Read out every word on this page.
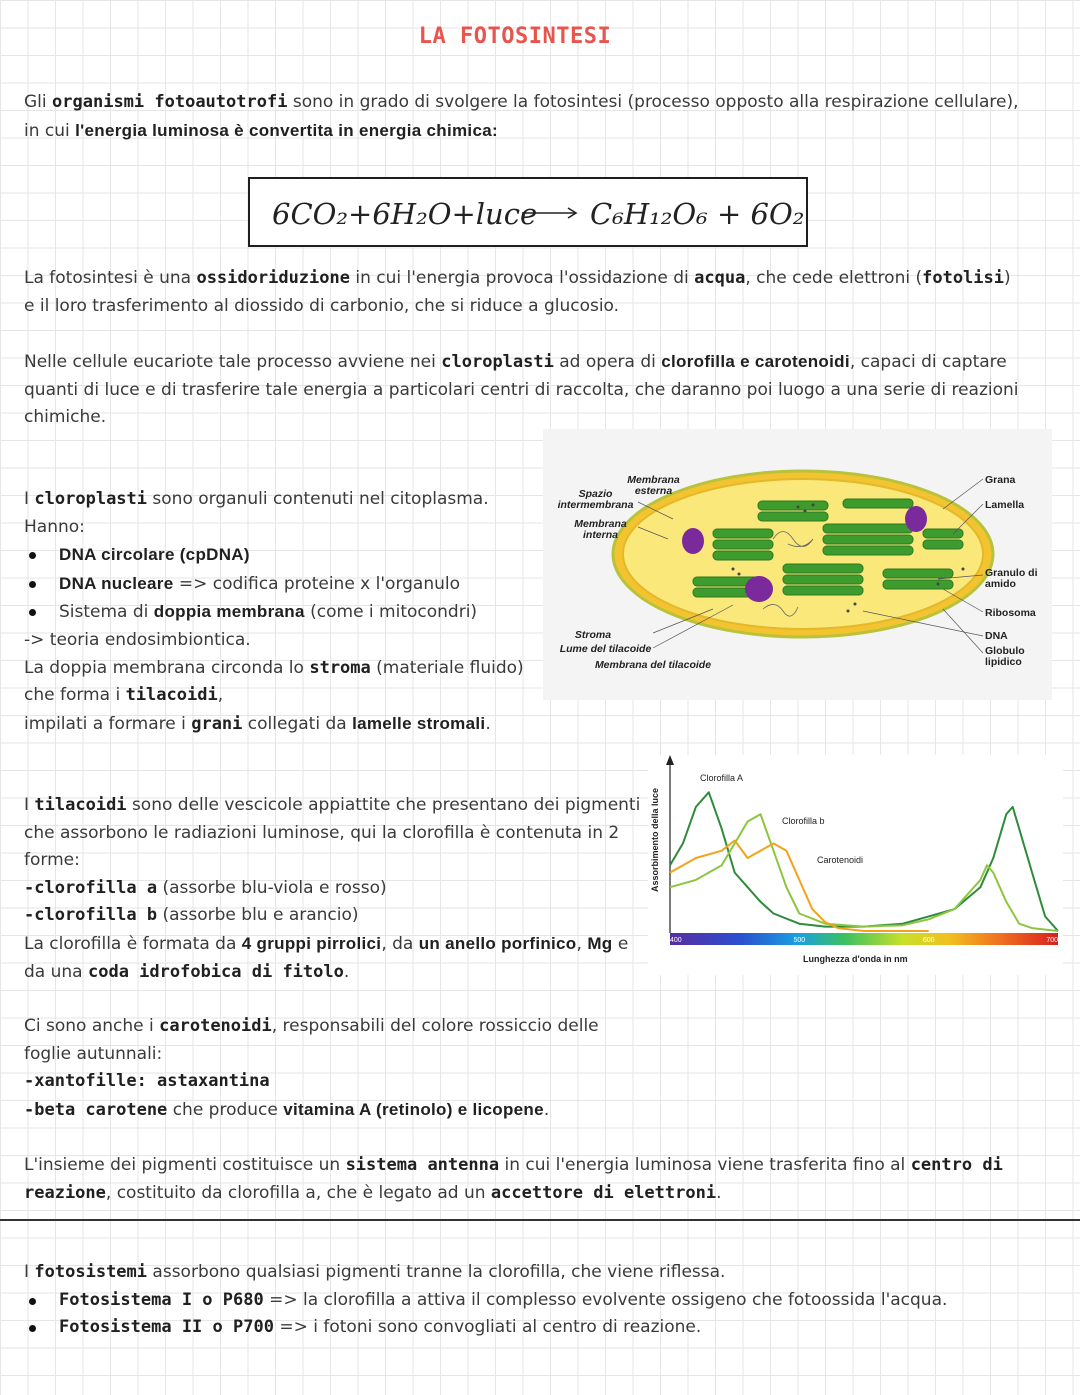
LA FOTOSINTESI
Gli organismi fotoautotrofi sono in grado di svolgere la fotosintesi (processo opposto alla respirazione cellulare), in cui l'energia luminosa è convertita in energia chimica:
6CO₂+6H₂O+luce C₆H₁₂O₆ + 6O₂
La fotosintesi è una ossidoriduzione in cui l'energia provoca l'ossidazione di acqua, che cede elettroni (fotolisi) e il loro trasferimento al diossido di carbonio, che si riduce a glucosio.
Nelle cellule eucariote tale processo avviene nei cloroplasti ad opera di clorofilla e carotenoidi, capaci di captare quanti di luce e di trasferire tale energia a particolari centri di raccolta, che daranno poi luogo a una serie di reazioni chimiche.
I cloroplasti sono organuli contenuti nel citoplasma.
Hanno:
DNA circolare (cpDNA)
DNA nucleare => codifica proteine x l'organulo
Sistema di doppia membrana (come i mitocondri)
-> teoria endosimbiontica.
La doppia membrana circonda lo stroma (materiale fluido) che forma i tilacoidi,
impilati a formare i grani collegati da lamelle stromali.
Membrana esterna
Spazio intermembrana
Membrana interna
Stroma
Lume del tilacoide
Membrana del tilacoide
Grana
Lamella
Granulo di amido
Ribosoma
DNA
Globulo lipidico
I tilacoidi sono delle vescicole appiattite che presentano dei pigmenti che assorbono le radiazioni luminose, qui la clorofilla è contenuta in 2 forme:
-clorofilla a (assorbe blu-viola e rosso)
-clorofilla b (assorbe blu e arancio)
La clorofilla è formata da 4 gruppi pirrolici, da un anello porfinico, Mg e da una coda idrofobica di fitolo.
400	500	600	700
Clorofilla A
Clorofilla b
Carotenoidi
Lunghezza d'onda in nm
Assorbimento della luce
Ci sono anche i carotenoidi, responsabili del colore rossiccio delle foglie autunnali:
-xantofille: astaxantina
-beta carotene che produce vitamina A (retinolo) e licopene.
L'insieme dei pigmenti costituisce un sistema antenna in cui l'energia luminosa viene trasferita fino al centro di reazione, costituito da clorofilla a, che è legato ad un accettore di elettroni.
I fotosistemi assorbono qualsiasi pigmenti tranne la clorofilla, che viene riflessa.
Fotosistema I o P680 => la clorofilla a attiva il complesso evolvente ossigeno che fotoossida l'acqua.
Fotosistema II o P700 => i fotoni sono convogliati al centro di reazione.
